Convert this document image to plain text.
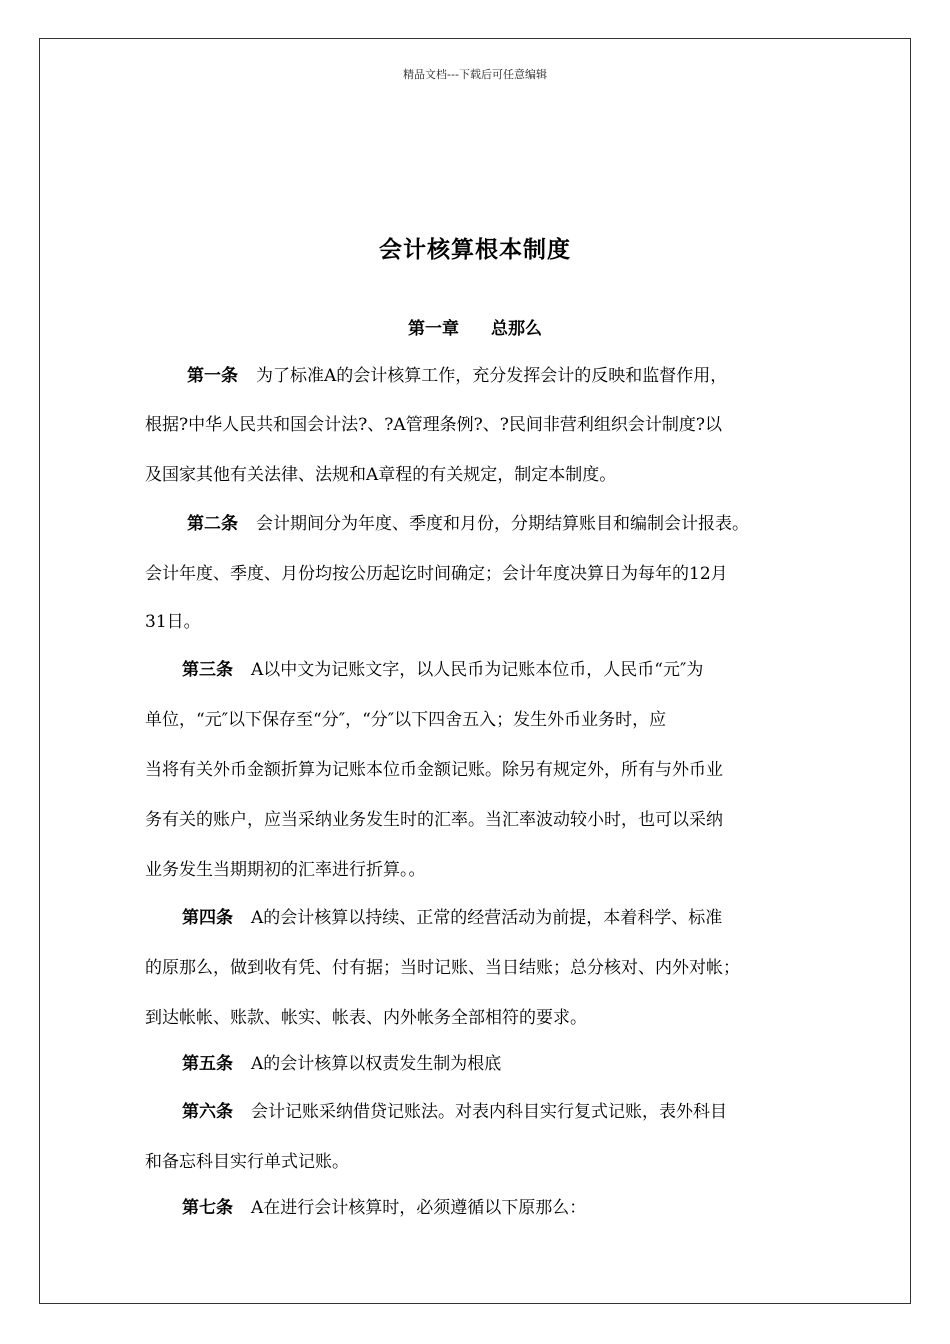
精品文档---下载后可任意编辑
会计核算根本制度
第一章 总那么
第一条 为了标准A的会计核算工作，充分发挥会计的反映和监督作用，
根据?中华人民共和国会计法?、?A管理条例?、?民间非营利组织会计制度?以
及国家其他有关法律、法规和A章程的有关规定，制定本制度。
第二条 会计期间分为年度、季度和月份，分期结算账目和编制会计报表。
会计年度、季度、月份均按公历起讫时间确定；会计年度决算日为每年的12月
31日。
第三条 A以中文为记账文字，以人民币为记账本位币，人民币“元″为
单位，“元″以下保存至“分″，“分″以下四舍五入；发生外币业务时，应
当将有关外币金额折算为记账本位币金额记账。除另有规定外，所有与外币业
务有关的账户，应当采纳业务发生时的汇率。当汇率波动较小时，也可以采纳
业务发生当期期初的汇率进行折算。。
第四条 A的会计核算以持续、正常的经营活动为前提，本着科学、标准
的原那么，做到收有凭、付有据；当时记账、当日结账；总分核对、内外对帐；
到达帐帐、账款、帐实、帐表、内外帐务全部相符的要求。
第五条 A的会计核算以权责发生制为根底
第六条 会计记账采纳借贷记账法。对表内科目实行复式记账，表外科目
和备忘科目实行单式记账。
第七条 A在进行会计核算时，必须遵循以下原那么：
